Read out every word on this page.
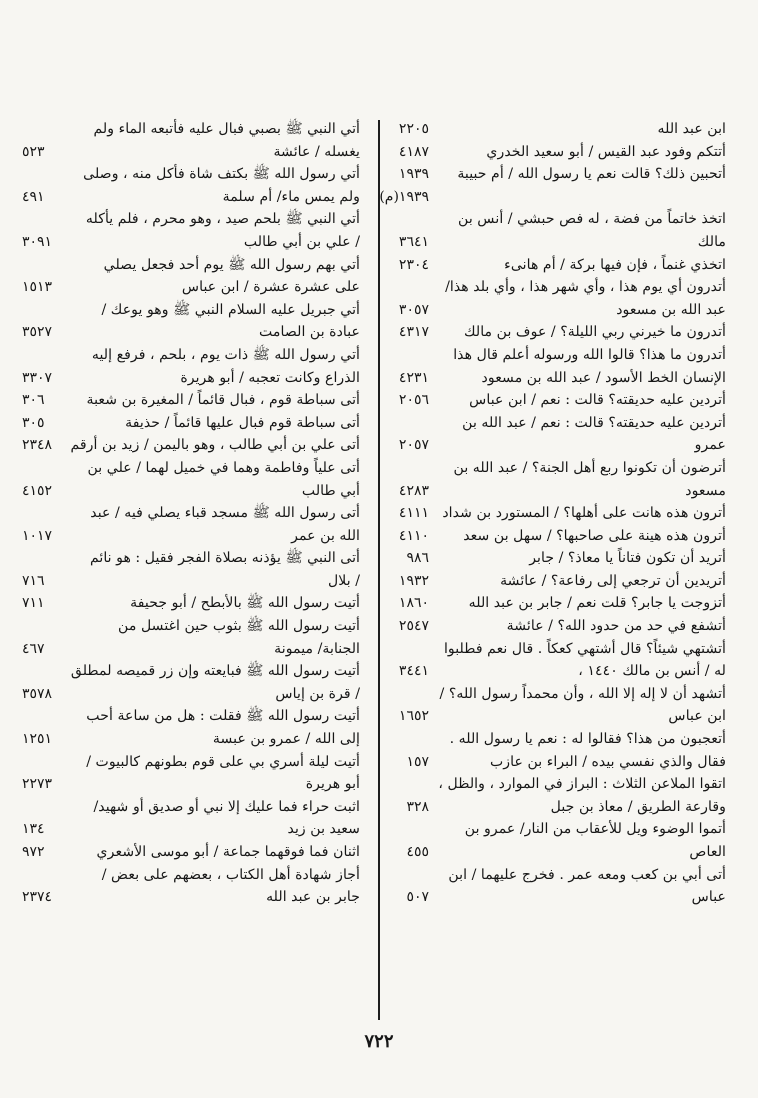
ابن عبد الله
٢٢٠٥
أتتكم وفود عبد القيس / أبو سعيد الخدري
٤١٨٧
أتحبين ذلك؟ قالت نعم يا رسول الله / أم حبيبة
١٩٣٩
١٩٣٩(م)
اتخذ خاتماً من فضة ، له فص حبشي / أنس بن
مالك
٣٦٤١
اتخذي غنماً ، فإن فيها بركة / أم هانىء
٢٣٠٤
أتدرون أي يوم هذا ، وأي شهر هذا ، وأي بلد هذا/
عبد الله بن مسعود
٣٠٥٧
أتدرون ما خيرني ربي الليلة؟ / عوف بن مالك
٤٣١٧
أتدرون ما هذا؟ قالوا الله ورسوله أعلم قال هذا
الإنسان الخط الأسود / عبد الله بن مسعود
٤٢٣١
أتردين عليه حديقته؟ قالت : نعم / ابن عباس
٢٠٥٦
أتردين عليه حديقته؟ قالت : نعم / عبد الله بن
عمرو
٢٠٥٧
أترضون أن تكونوا ربع أهل الجنة؟ / عبد الله بن
مسعود
٤٢٨٣
أترون هذه هانت على أهلها؟ / المستورد بن شداد
٤١١١
أترون هذه هينة على صاحبها؟ / سهل بن سعد
٤١١٠
أتريد أن تكون فتاناً يا معاذ؟ / جابر
٩٨٦
أتريدين أن ترجعي إلى رفاعة؟ / عائشة
١٩٣٢
أتزوجت يا جابر؟ قلت نعم / جابر بن عبد الله
١٨٦٠
أتشفع في حد من حدود الله؟ / عائشة
٢٥٤٧
أتشتهي شيئاً؟ قال أشتهي كعكاً . قال نعم فطلبوا
له / أنس بن مالك ١٤٤٠ ،
٣٤٤١
أتشهد أن لا إله إلا الله ، وأن محمداً رسول الله؟ /
ابن عباس
١٦٥٢
أتعجبون من هذا؟ فقالوا له : نعم يا رسول الله .
فقال والذي نفسي بيده / البراء بن عازب
١٥٧
اتقوا الملاعن الثلاث : البراز في الموارد ، والظل ،
وقارعة الطريق / معاذ بن جبل
٣٢٨
أتموا الوضوء ويل للأعقاب من النار/ عمرو بن
العاص
٤٥٥
أتى أبي بن كعب ومعه عمر . فخرج عليهما / ابن
عباس
٥٠٧
أتي النبي ﷺ بصبي فبال عليه فأتبعه الماء ولم
يغسله / عائشة
٥٢٣
أتي رسول الله ﷺ بكتف شاة فأكل منه ، وصلى
ولم يمس ماء/ أم سلمة
٤٩١
أتي النبي ﷺ بلحم صيد ، وهو محرم ، فلم يأكله
/ علي بن أبي طالب
٣٠٩١
أتي بهم رسول الله ﷺ يوم أحد فجعل يصلي
على عشرة عشرة / ابن عباس
١٥١٣
أتي جبريل عليه السلام النبي ﷺ وهو يوعك /
عبادة بن الصامت
٣٥٢٧
أتي رسول الله ﷺ ذات يوم ، بلحم ، فرفع إليه
الذراع وكانت تعجبه / أبو هريرة
٣٣٠٧
أتى سباطة قوم ، فبال قائماً / المغيرة بن شعبة
٣٠٦
أتى سباطة قوم فبال عليها قائماً / حذيفة
٣٠٥
أتى علي بن أبي طالب ، وهو باليمن / زيد بن أرقم
٢٣٤٨
أتى علياً وفاطمة وهما في خميل لهما / علي بن
أبي طالب
٤١٥٢
أتى رسول الله ﷺ مسجد قباء يصلي فيه / عبد
الله بن عمر
١٠١٧
أتى النبي ﷺ يؤذنه بصلاة الفجر فقيل : هو نائم
/ بلال
٧١٦
أتيت رسول الله ﷺ بالأبطح / أبو جحيفة
٧١١
أتيت رسول الله ﷺ بثوب حين اغتسل من
الجنابة/ ميمونة
٤٦٧
أتيت رسول الله ﷺ فبايعته وإن زر قميصه لمطلق
/ قرة بن إياس
٣٥٧٨
أتيت رسول الله ﷺ فقلت : هل من ساعة أحب
إلى الله / عمرو بن عبسة
١٢٥١
أتيت ليلة أسري بي على قوم بطونهم كالبيوت /
أبو هريرة
٢٢٧٣
اثبت حراء فما عليك إلا نبي أو صديق أو شهيد/
سعيد بن زيد
١٣٤
اثنان فما فوقهما جماعة / أبو موسى الأشعري
٩٧٢
أجاز شهادة أهل الكتاب ، بعضهم على بعض /
جابر بن عبد الله
٢٣٧٤
٧٢٢
